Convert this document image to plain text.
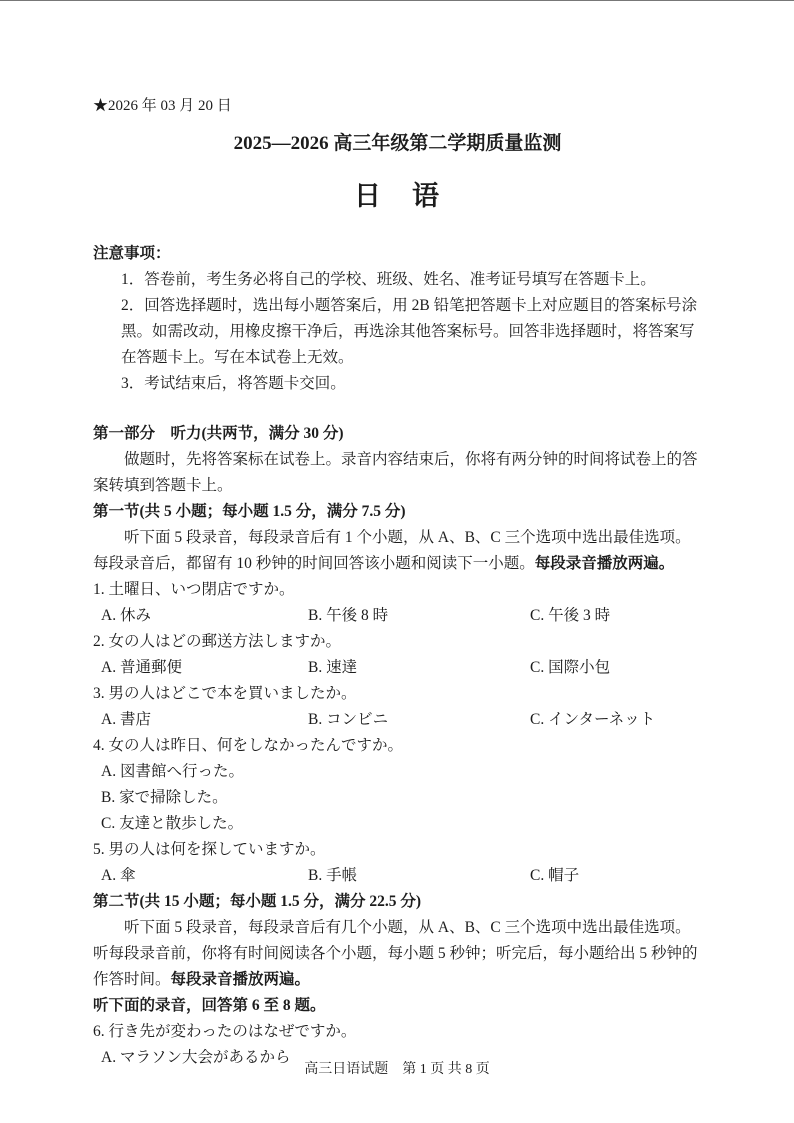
★2026 年 03 月 20 日
2025—2026 高三年级第二学期质量监测
日　语

注意事项：

1．答卷前，考生务必将自己的学校、班级、姓名、准考证号填写在答题卡上。

2．回答选择题时，选出每小题答案后，用 2B 铅笔把答题卡上对应题目的答案标号涂黑。如需改动，用橡皮擦干净后，再选涂其他答案标号。回答非选择题时，将答案写在答题卡上。写在本试卷上无效。

3．考试结束后，将答题卡交回。

第一部分　听力(共两节，满分 30 分)

做题时，先将答案标在试卷上。录音内容结束后，你将有两分钟的时间将试卷上的答案转填到答题卡上。

第一节(共 5 小题；每小题 1.5 分，满分 7.5 分)

听下面 5 段录音，每段录音后有 1 个小题，从 A、B、C 三个选项中选出最佳选项。每段录音后，都留有 10 秒钟的时间回答该小题和阅读下一小题。每段录音播放两遍。

1. 土曜日、いつ閉店ですか。

A. 休み	B. 午後 8 時	C. 午後 3 時

2. 女の人はどの郵送方法しますか。

A. 普通郵便	B. 速達	C. 国際小包

3. 男の人はどこで本を買いましたか。

A. 書店	B. コンビニ	C. インターネット

4. 女の人は昨日、何をしなかったんですか。

A. 図書館へ行った。

B. 家で掃除した。

C. 友達と散歩した。

5. 男の人は何を探していますか。

A. 傘	B. 手帳	C. 帽子

第二节(共 15 小题；每小题 1.5 分，满分 22.5 分)

听下面 5 段录音，每段录音后有几个小题，从 A、B、C 三个选项中选出最佳选项。听每段录音前，你将有时间阅读各个小题，每小题 5 秒钟；听完后，每小题给出 5 秒钟的作答时间。每段录音播放两遍。

听下面的录音，回答第 6 至 8 题。

6. 行き先が変わったのはなぜですか。

A. マラソン大会があるから

高三日语试题　第 1 页 共 8 页
